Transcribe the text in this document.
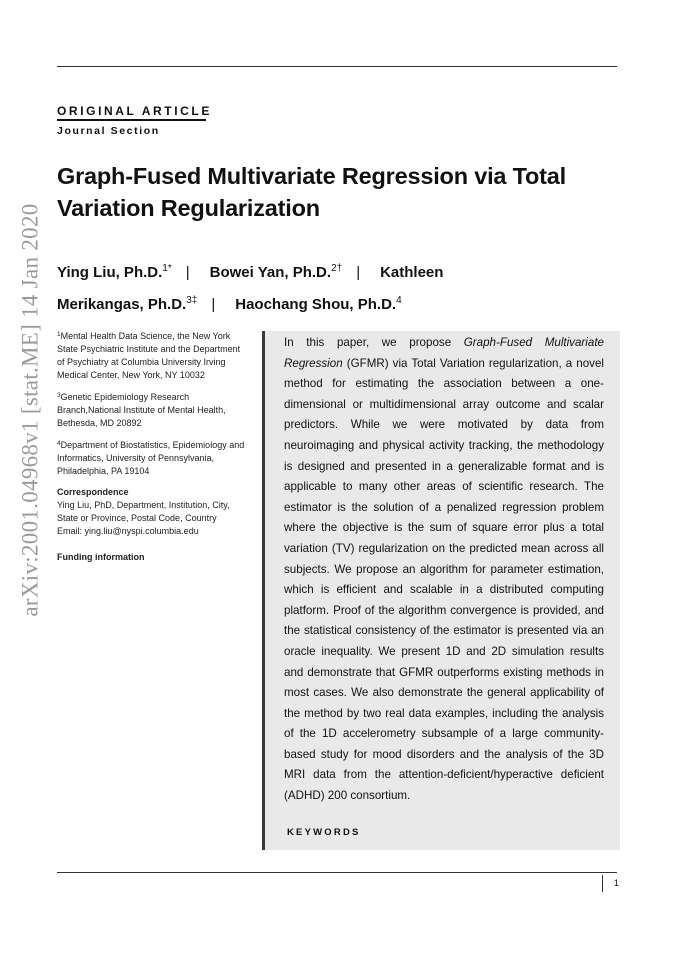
ORIGINAL ARTICLE
Journal Section
arXiv:2001.04968v1 [stat.ME] 14 Jan 2020
Graph-Fused Multivariate Regression via Total Variation Regularization
Ying Liu, Ph.D.$^{1*}$ | Bowei Yan, Ph.D.$^{2\dagger}$ | Kathleen Merikangas, Ph.D.$^{3\ddagger}$ | Haochang Shou, Ph.D.$^4$
$^1$Mental Health Data Science, the New York State Psychiatric Institute and the Department of Psychiatry at Columbia University Irving Medical Center, New York, NY 10032
$^3$Genetic Epidemiology Research Branch,National Institute of Mental Health, Bethesda, MD 20892
$^4$Department of Biostatistics, Epidemiology and Informatics, University of Pennsylvania, Philadelphia, PA 19104
Correspondence
Ying Liu, PhD, Department, Institution, City, State or Province, Postal Code, Country
Email: ying.liu@nyspi.columbia.edu
Funding information
In this paper, we propose Graph-Fused Multivariate Regression (GFMR) via Total Variation regularization, a novel method for estimating the association between a one-dimensional or multidimensional array outcome and scalar predictors. While we were motivated by data from neuroimaging and physical activity tracking, the methodology is designed and presented in a generalizable format and is applicable to many other areas of scientific research. The estimator is the solution of a penalized regression problem where the objective is the sum of square error plus a total variation (TV) regularization on the predicted mean across all subjects. We propose an algorithm for parameter estimation, which is efficient and scalable in a distributed computing platform. Proof of the algorithm convergence is provided, and the statistical consistency of the estimator is presented via an oracle inequality. We present 1D and 2D simulation results and demonstrate that GFMR outperforms existing methods in most cases. We also demonstrate the general applicability of the method by two real data examples, including the analysis of the 1D accelerometry subsample of a large community-based study for mood disorders and the analysis of the 3D MRI data from the attention-deficient/hyperactive deficient (ADHD) 200 consortium.
KEYWORDS
1
